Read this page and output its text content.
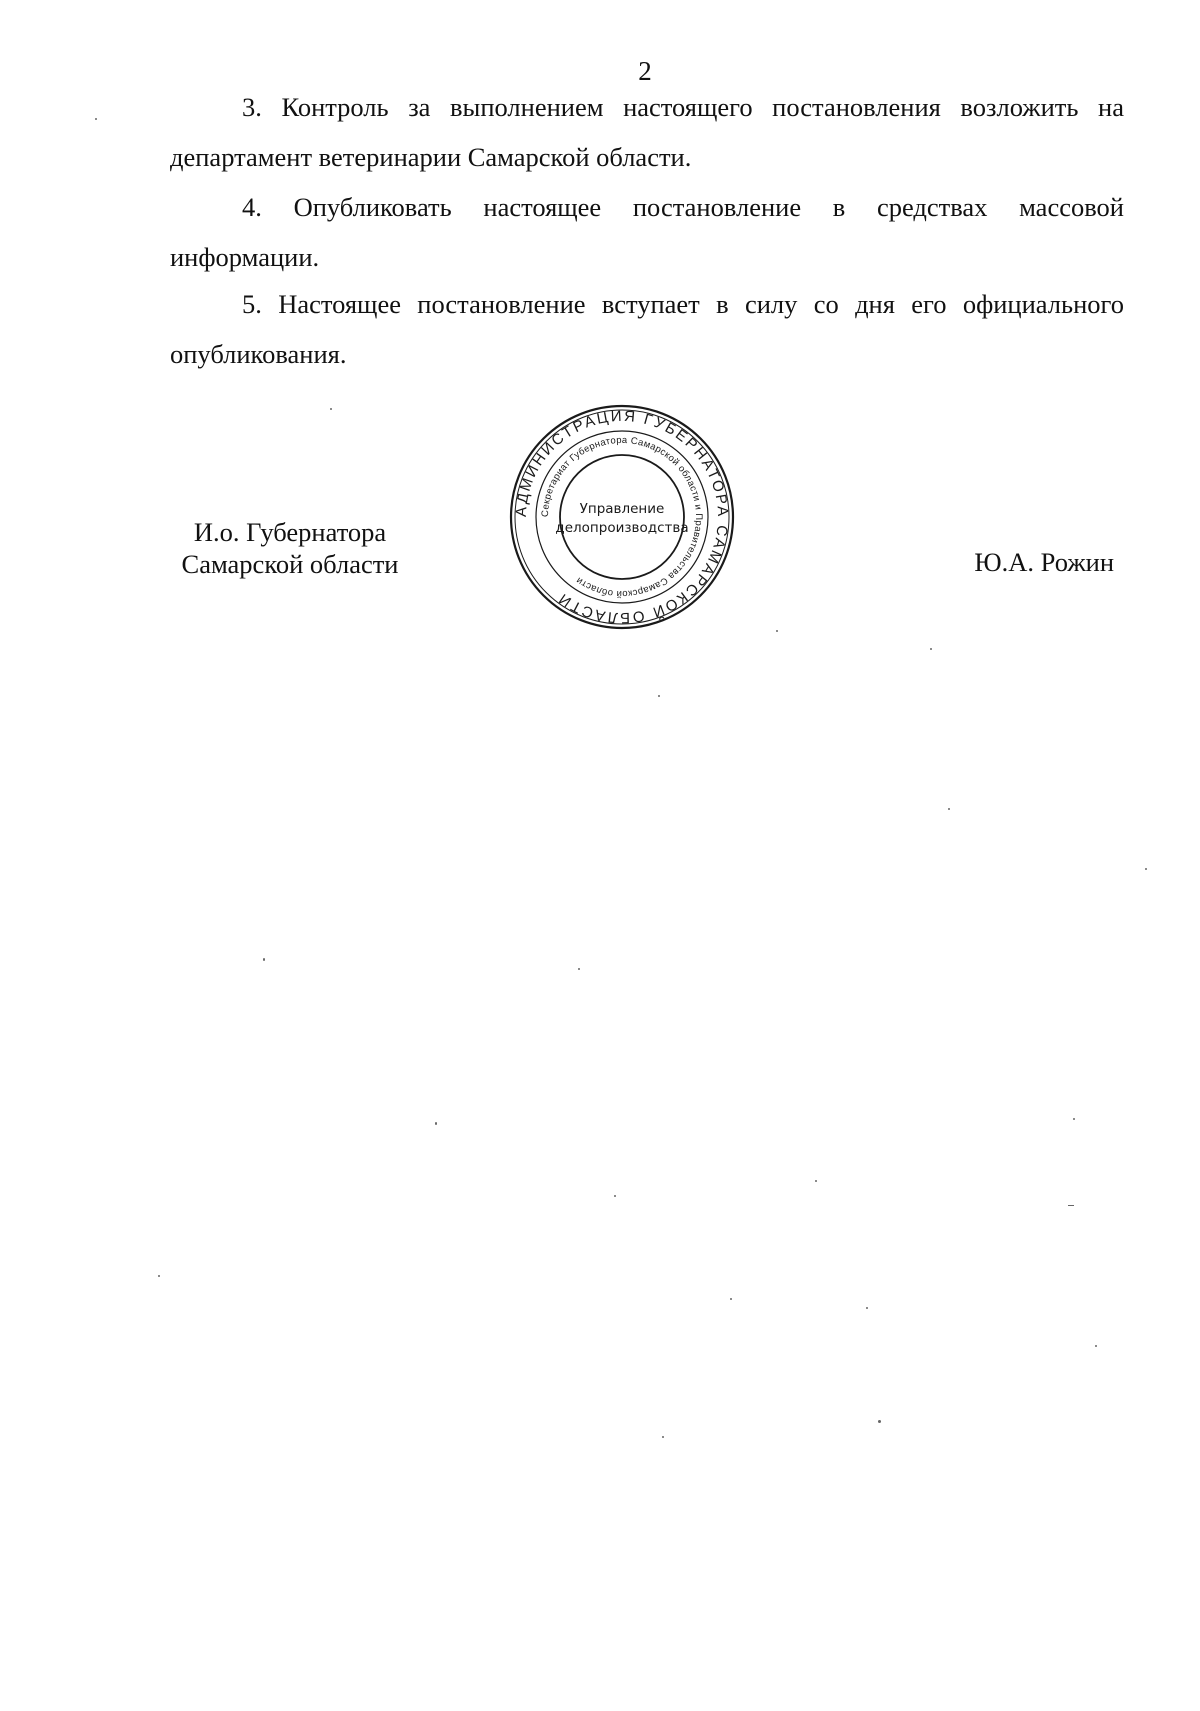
2

3. Контроль за выполнением настоящего постановления возложить на департамент ветеринарии Самарской области.

4. Опубликовать настоящее постановление в средствах массовой информации.

5. Настоящее постановление вступает в силу со дня его официального опубликования.

И.о. Губернатора
Самарской области	Ю.А. Рожин
АДМИНИСТРАЦИЯ ГУБЕРНАТОРА САМАРСКОЙ ОБЛАСТИ
Секретариат Губернатора Самарской области и Правительства Самарской области
Управление
делопроизводства
